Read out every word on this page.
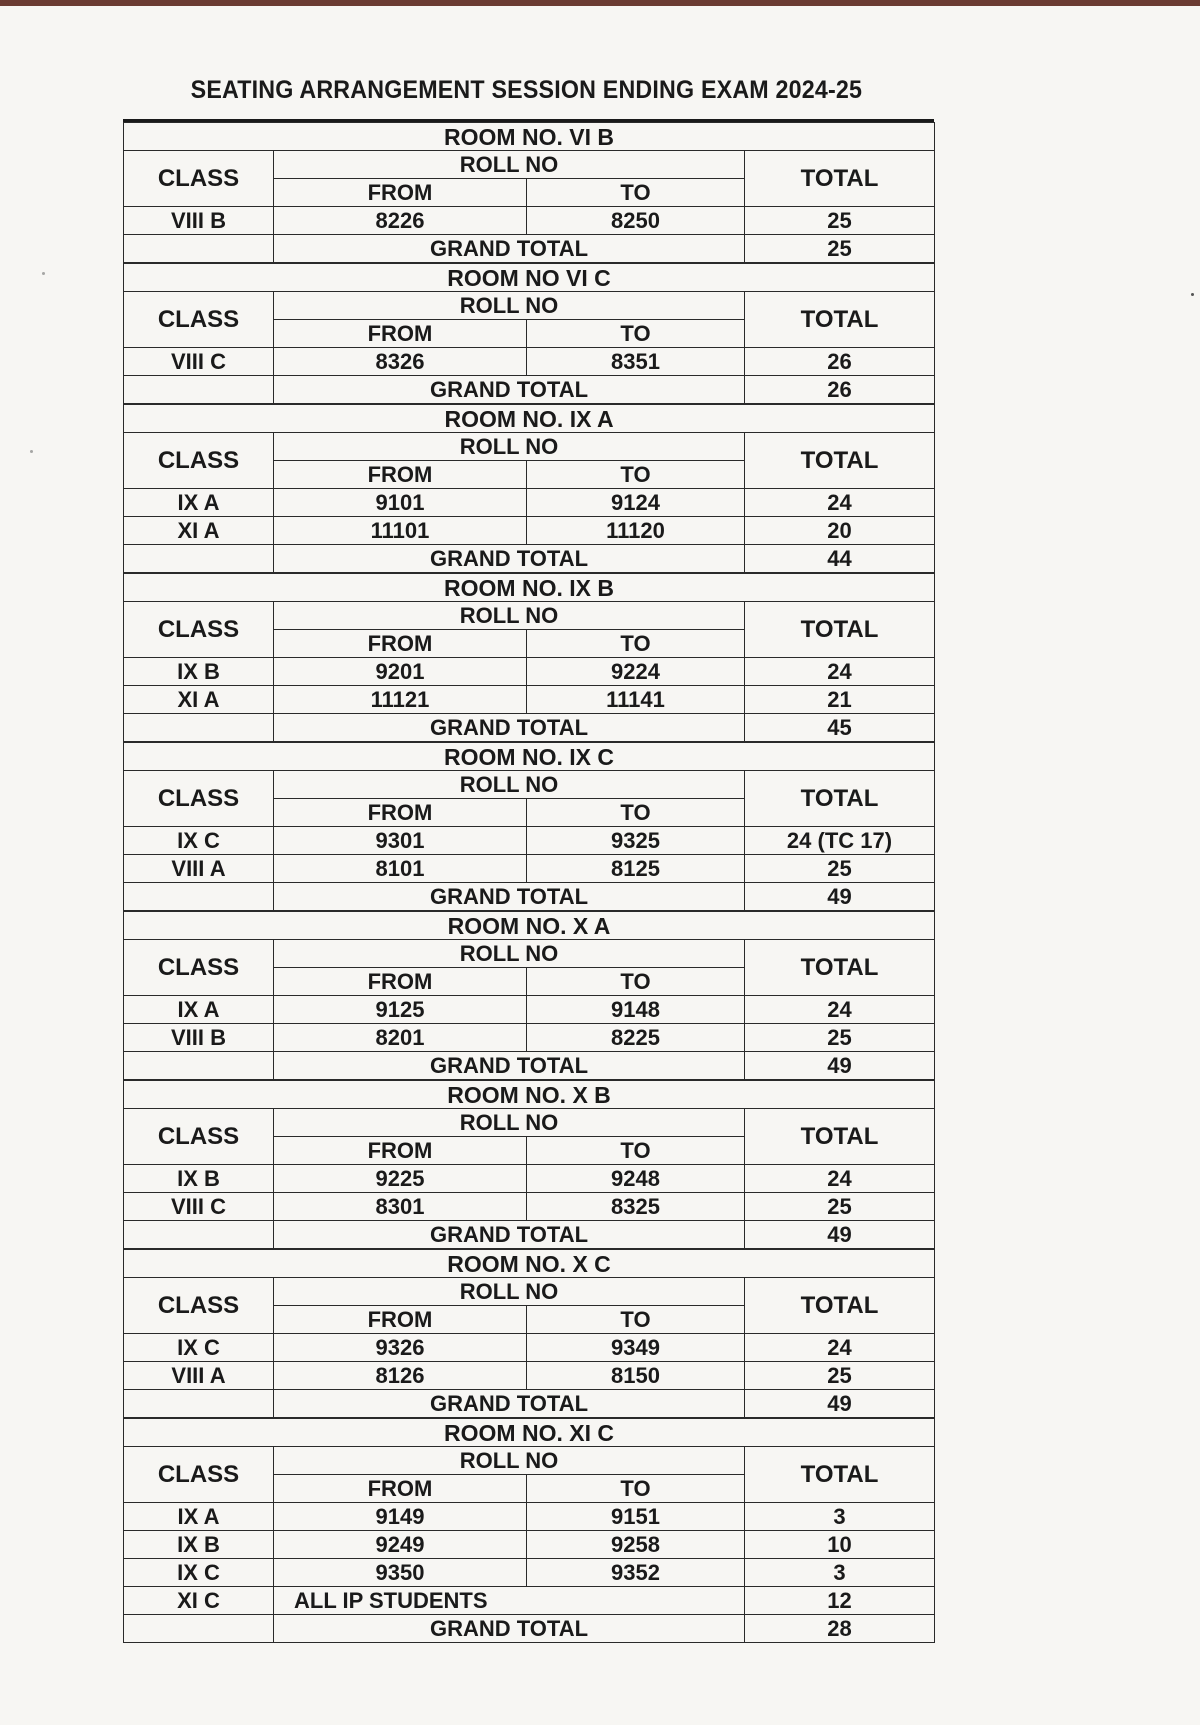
SEATING ARRANGEMENT SESSION ENDING EXAM 2024-25
ROOM NO. VI B			
CLASS	ROLL NO		TOTAL
	FROM	TO	
VIII B	8226	8250	25
	GRAND TOTAL		25
ROOM NO VI C			
CLASS	ROLL NO		TOTAL
	FROM	TO	
VIII C	8326	8351	26
	GRAND TOTAL		26
ROOM NO. IX A			
CLASS	ROLL NO		TOTAL
	FROM	TO	
IX A	9101	9124	24
XI A	11101	11120	20
	GRAND TOTAL		44
ROOM NO. IX B			
CLASS	ROLL NO		TOTAL
	FROM	TO	
IX B	9201	9224	24
XI A	11121	11141	21
	GRAND TOTAL		45
ROOM NO. IX C			
CLASS	ROLL NO		TOTAL
	FROM	TO	
IX C	9301	9325	24 (TC 17)
VIII A	8101	8125	25
	GRAND TOTAL		49
ROOM NO. X A			
CLASS	ROLL NO		TOTAL
	FROM	TO	
IX A	9125	9148	24
VIII B	8201	8225	25
	GRAND TOTAL		49
ROOM NO. X B			
CLASS	ROLL NO		TOTAL
	FROM	TO	
IX B	9225	9248	24
VIII C	8301	8325	25
	GRAND TOTAL		49
ROOM NO. X C			
CLASS	ROLL NO		TOTAL
	FROM	TO	
IX C	9326	9349	24
VIII A	8126	8150	25
	GRAND TOTAL		49
ROOM NO. XI C			
CLASS	ROLL NO		TOTAL
	FROM	TO	
IX A	9149	9151	3
IX B	9249	9258	10
IX C	9350	9352	3
XI C	ALL IP STUDENTS		12
	GRAND TOTAL		28
